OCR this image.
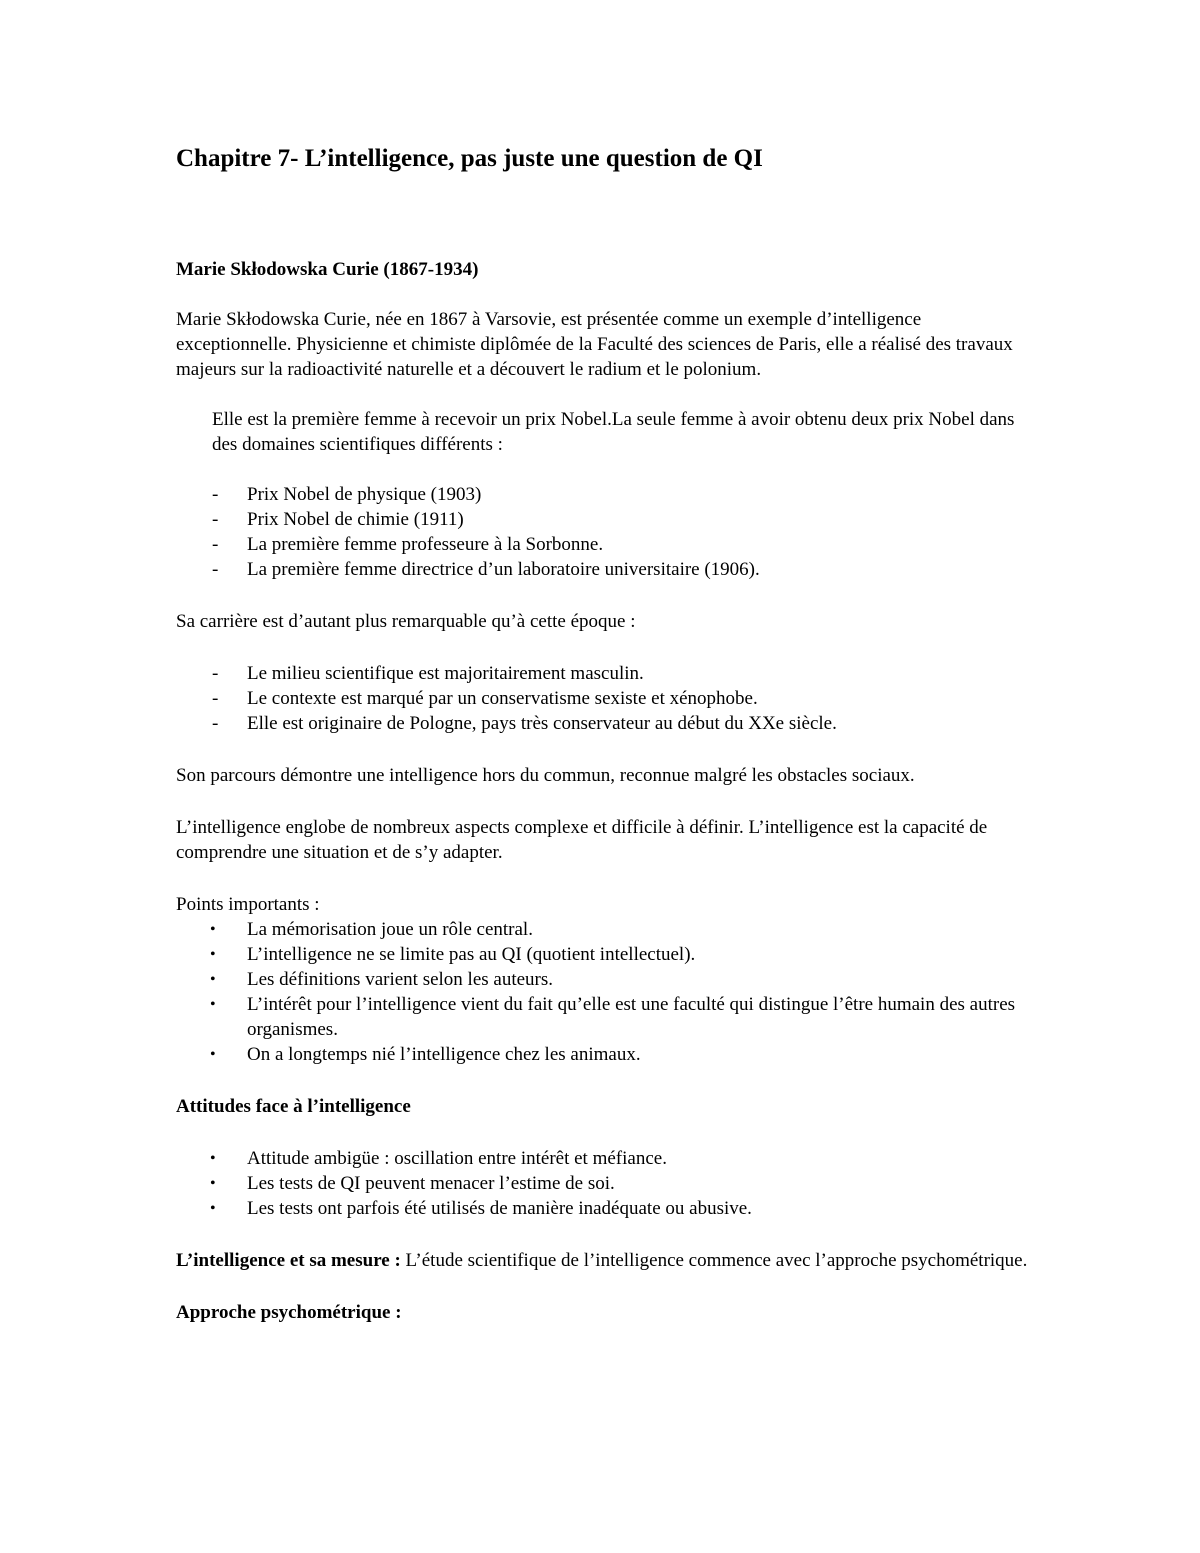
Chapitre 7- L’intelligence, pas juste une question de QI
Marie Skłodowska Curie (1867-1934)

Marie Skłodowska Curie, née en 1867 à Varsovie, est présentée comme un exemple d’intelligence exceptionnelle. Physicienne et chimiste diplômée de la Faculté des sciences de Paris, elle a réalisé des travaux majeurs sur la radioactivité naturelle et a découvert le radium et le polonium.

Elle est la première femme à recevoir un prix Nobel.La seule femme à avoir obtenu deux prix Nobel dans des domaines scientifiques différents :

- Prix Nobel de physique (1903)
- Prix Nobel de chimie (1911)
- La première femme professeure à la Sorbonne.
- La première femme directrice d’un laboratoire universitaire (1906).

Sa carrière est d’autant plus remarquable qu’à cette époque :

- Le milieu scientifique est majoritairement masculin.
- Le contexte est marqué par un conservatisme sexiste et xénophobe.
- Elle est originaire de Pologne, pays très conservateur au début du XXe siècle.

Son parcours démontre une intelligence hors du commun, reconnue malgré les obstacles sociaux.

L’intelligence englobe de nombreux aspects complexe et difficile à définir. L’intelligence est la capacité de comprendre une situation et de s’y adapter.

Points importants :

• La mémorisation joue un rôle central.
• L’intelligence ne se limite pas au QI (quotient intellectuel).
• Les définitions varient selon les auteurs.
• L’intérêt pour l’intelligence vient du fait qu’elle est une faculté qui distingue l’être humain des autres organismes.
• On a longtemps nié l’intelligence chez les animaux.
Attitudes face à l’intelligence
• Attitude ambigüe : oscillation entre intérêt et méfiance.
• Les tests de QI peuvent menacer l’estime de soi.
• Les tests ont parfois été utilisés de manière inadéquate ou abusive.

L’intelligence et sa mesure : L’étude scientifique de l’intelligence commence avec l’approche psychométrique.

Approche psychométrique :
